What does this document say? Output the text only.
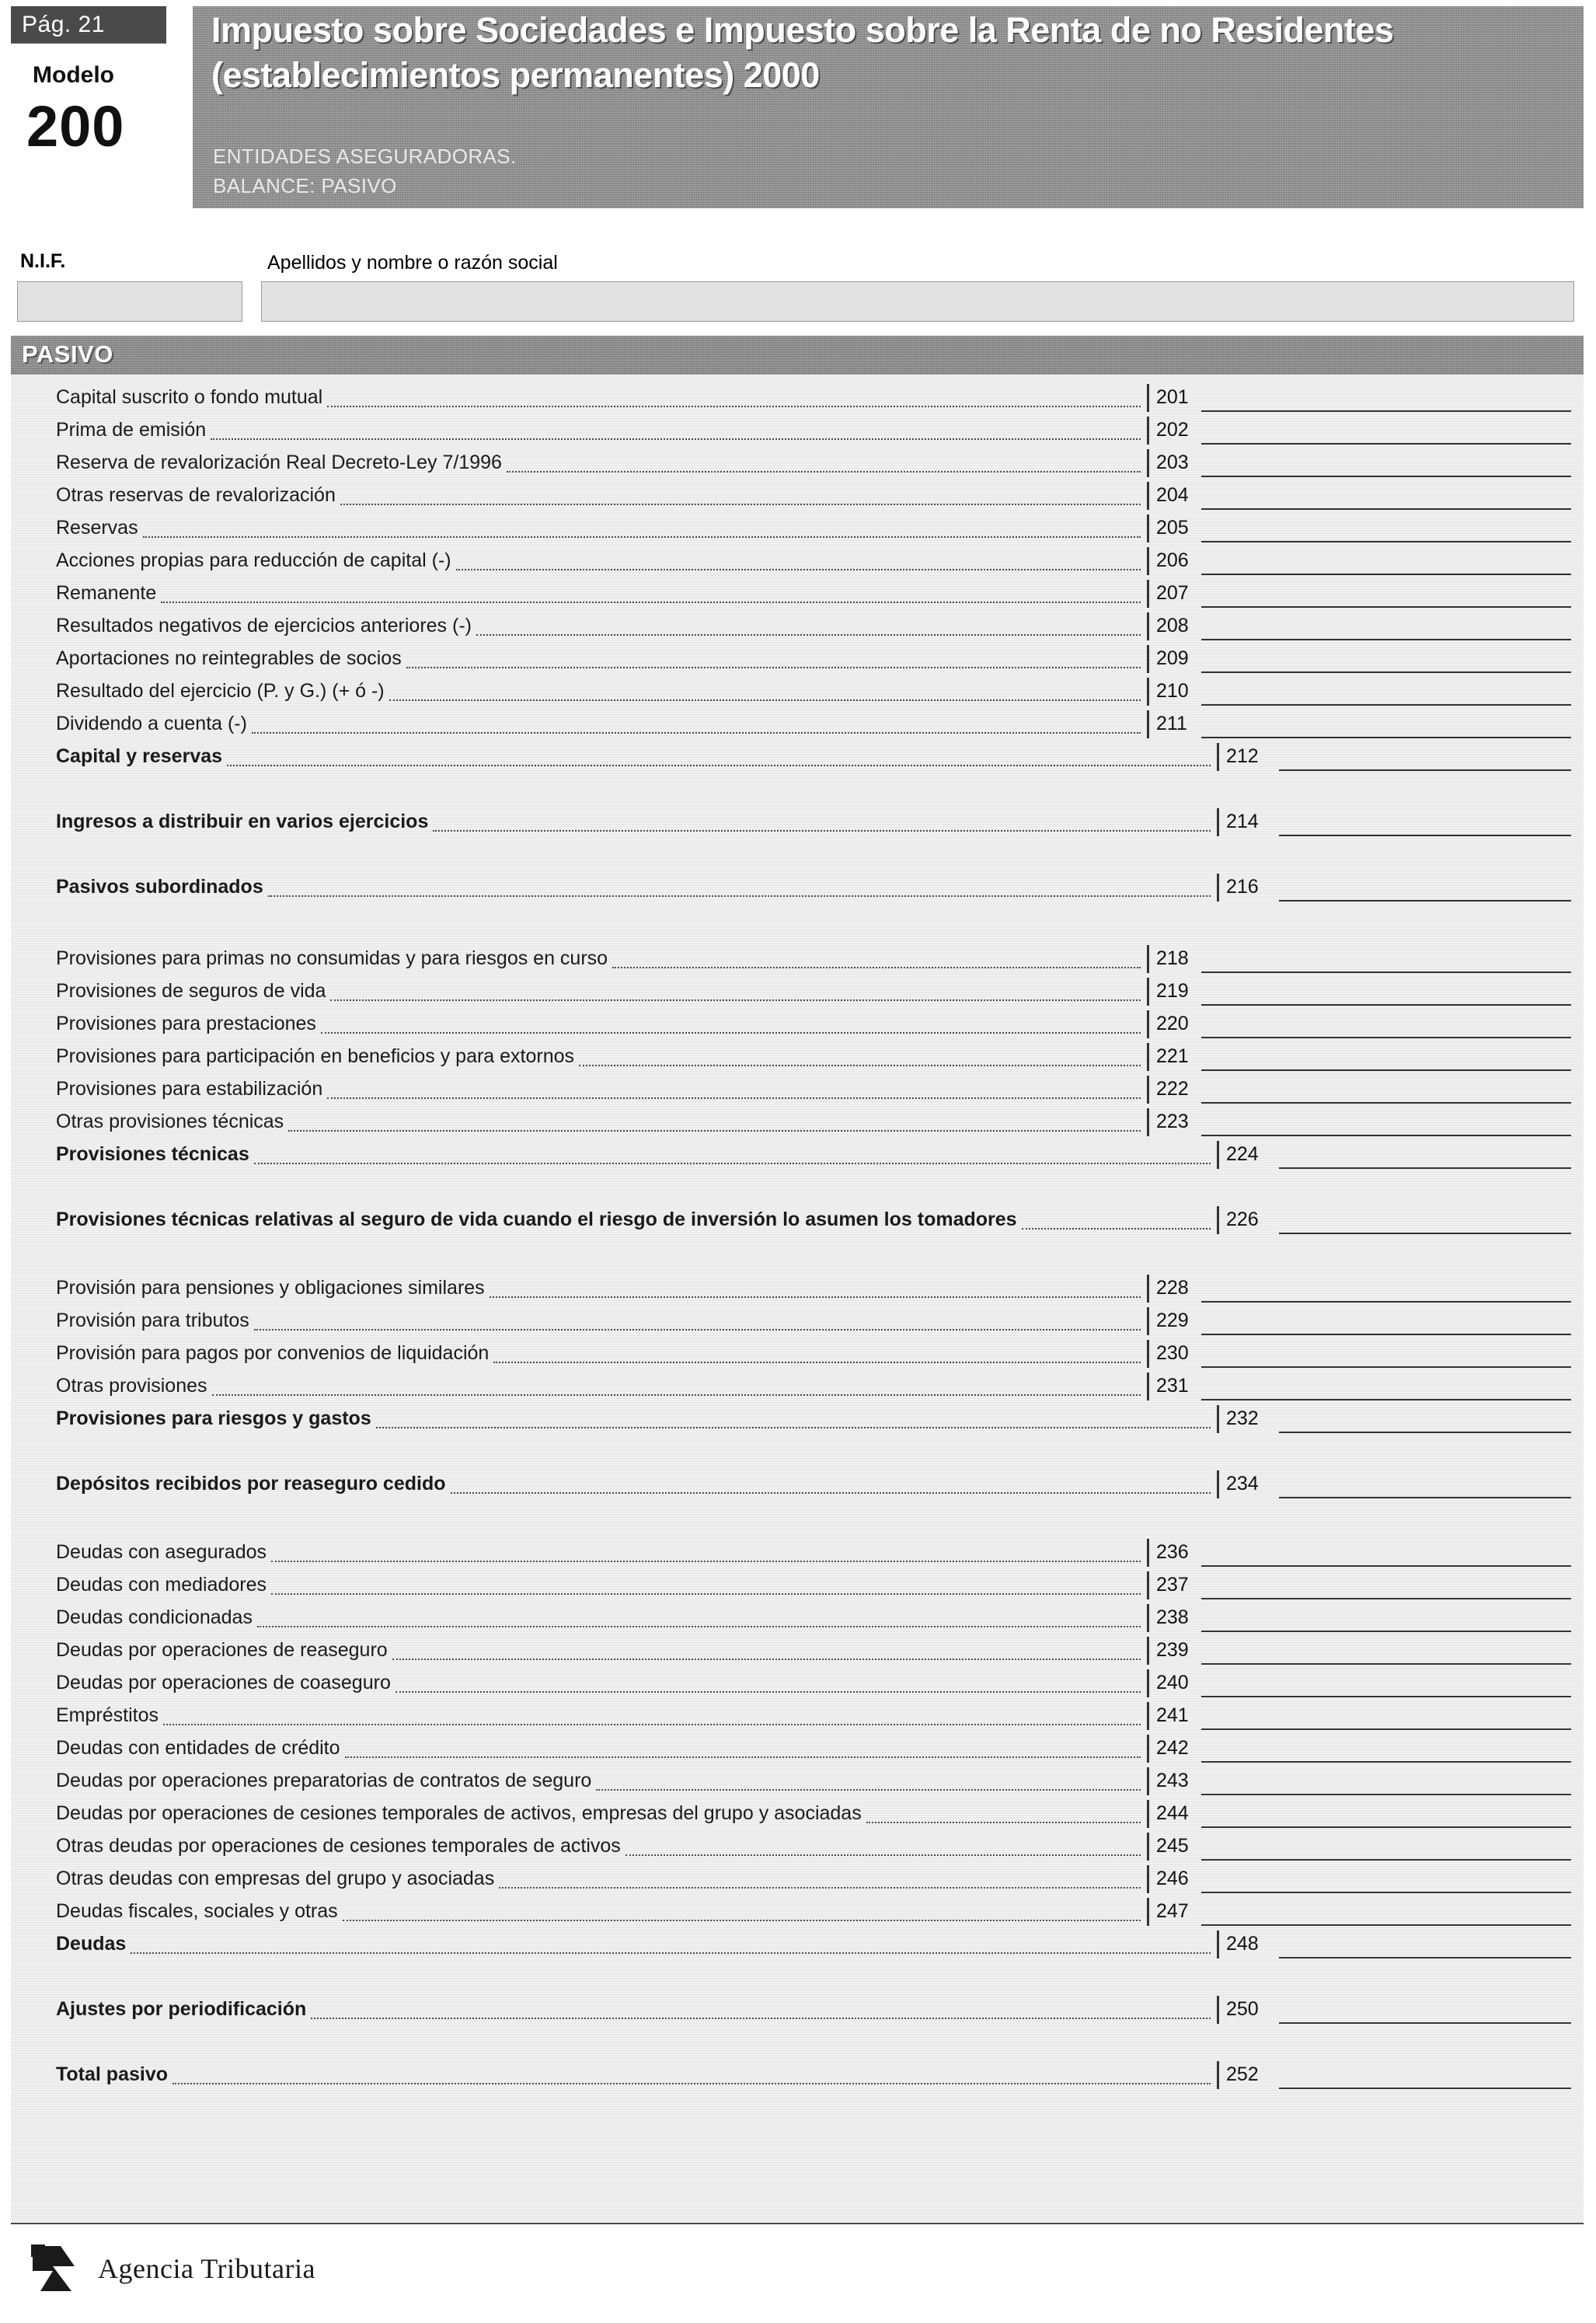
Pág. 21
Modelo
200
Impuesto sobre Sociedades e Impuesto sobre la Renta de no Residentes (establecimientos permanentes) 2000
ENTIDADES ASEGURADORAS.
BALANCE: PASIVO
N.I.F.	Apellidos y nombre o razón social
PASIVO
Capital suscrito o fondo mutual	201
Prima de emisión	202
Reserva de revalorización Real Decreto-Ley 7/1996	203
Otras reservas de revalorización	204
Reservas	205
Acciones propias para reducción de capital (-)	206
Remanente	207
Resultados negativos de ejercicios anteriores (-)	208
Aportaciones no reintegrables de socios	209
Resultado del ejercicio (P. y G.) (+ ó -)	210
Dividendo a cuenta (-)	211
Capital y reservas	212
Ingresos a distribuir en varios ejercicios	214
Pasivos subordinados	216
Provisiones para primas no consumidas y para riesgos en curso	218
Provisiones de seguros de vida	219
Provisiones para prestaciones	220
Provisiones para participación en beneficios y para extornos	221
Provisiones para estabilización	222
Otras provisiones técnicas	223
Provisiones técnicas	224
Provisiones técnicas relativas al seguro de vida cuando el riesgo de inversión lo asumen los tomadores	226
Provisión para pensiones y obligaciones similares	228
Provisión para tributos	229
Provisión para pagos por convenios de liquidación	230
Otras provisiones	231
Provisiones para riesgos y gastos	232
Depósitos recibidos por reaseguro cedido	234
Deudas con asegurados	236
Deudas con mediadores	237
Deudas condicionadas	238
Deudas por operaciones de reaseguro	239
Deudas por operaciones de coaseguro	240
Empréstitos	241
Deudas con entidades de crédito	242
Deudas por operaciones preparatorias de contratos de seguro	243
Deudas por operaciones de cesiones temporales de activos, empresas del grupo y asociadas	244
Otras deudas por operaciones de cesiones temporales de activos	245
Otras deudas con empresas del grupo y asociadas	246
Deudas fiscales, sociales y otras	247
Deudas	248
Ajustes por periodificación	250
Total pasivo	252
Agencia Tributaria
